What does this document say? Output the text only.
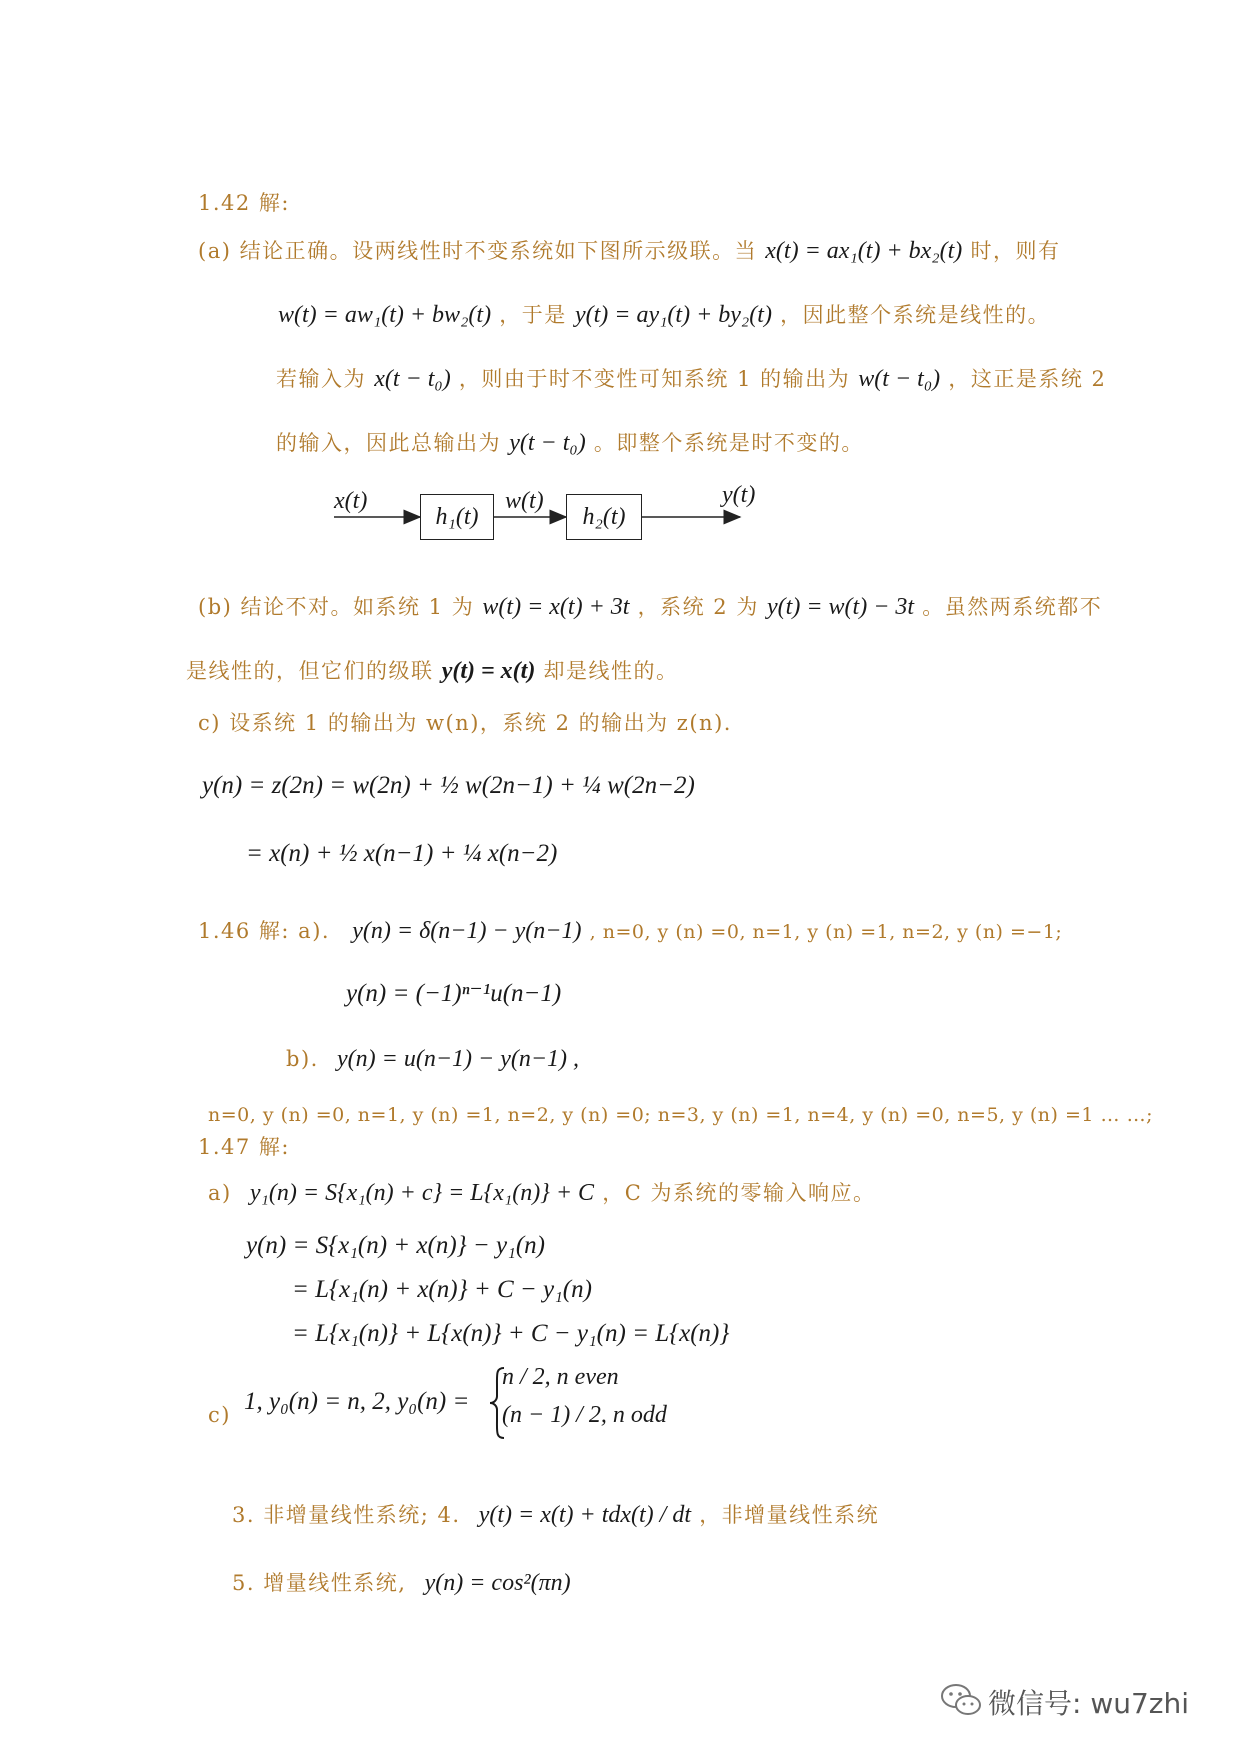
1.42 解:
(a) 结论正确。设两线性时不变系统如下图所示级联。当 x(t) = ax₁(t) + bx₂(t) 时，则有
w(t) = aw₁(t) + bw₂(t) ，于是 y(t) = ay₁(t) + by₂(t) ，因此整个系统是线性的。
若输入为 x(t − t₀) ，则由于时不变性可知系统 1 的输出为 w(t − t₀) ，这正是系统 2
的输入，因此总输出为 y(t − t₀) 。即整个系统是时不变的。
x(t)
h₁(t)
w(t)
h₂(t)
y(t)
(b) 结论不对。如系统 1 为 w(t) = x(t) + 3t ，系统 2 为 y(t) = w(t) − 3t 。虽然两系统都不
是线性的，但它们的级联 y(t) = x(t) 却是线性的。
c) 设系统 1 的输出为 w(n)，系统 2 的输出为 z(n).
y(n) = z(2n) = w(2n) + ½ w(2n−1) + ¼ w(2n−2)
= x(n) + ½ x(n−1) + ¼ x(n−2)
1.46 解: a). y(n) = δ(n−1) − y(n−1) , n=0, y (n) =0, n=1, y (n) =1, n=2, y (n) =−1;
y(n) = (−1)ⁿ⁻¹u(n−1)
b). y(n) = u(n−1) − y(n−1) ,
n=0, y (n) =0, n=1, y (n) =1, n=2, y (n) =0; n=3, y (n) =1, n=4, y (n) =0, n=5, y (n) =1 … …;
1.47 解:
a) y₁(n) = S{x₁(n) + c} = L{x₁(n)} + C ，C 为系统的零输入响应。
y(n) = S{x₁(n) + x(n)} − y₁(n)
= L{x₁(n) + x(n)} + C − y₁(n)
= L{x₁(n)} + L{x(n)} + C − y₁(n) = L{x(n)}
c) 1, y₀(n) = n, 2, y₀(n) =
n / 2, n even
(n − 1) / 2, n odd
3. 非增量线性系统; 4. y(t) = x(t) + tdx(t) / dt ，非增量线性系统
5. 增量线性系统, y(n) = cos²(πn)
微信号: wu7zhi
